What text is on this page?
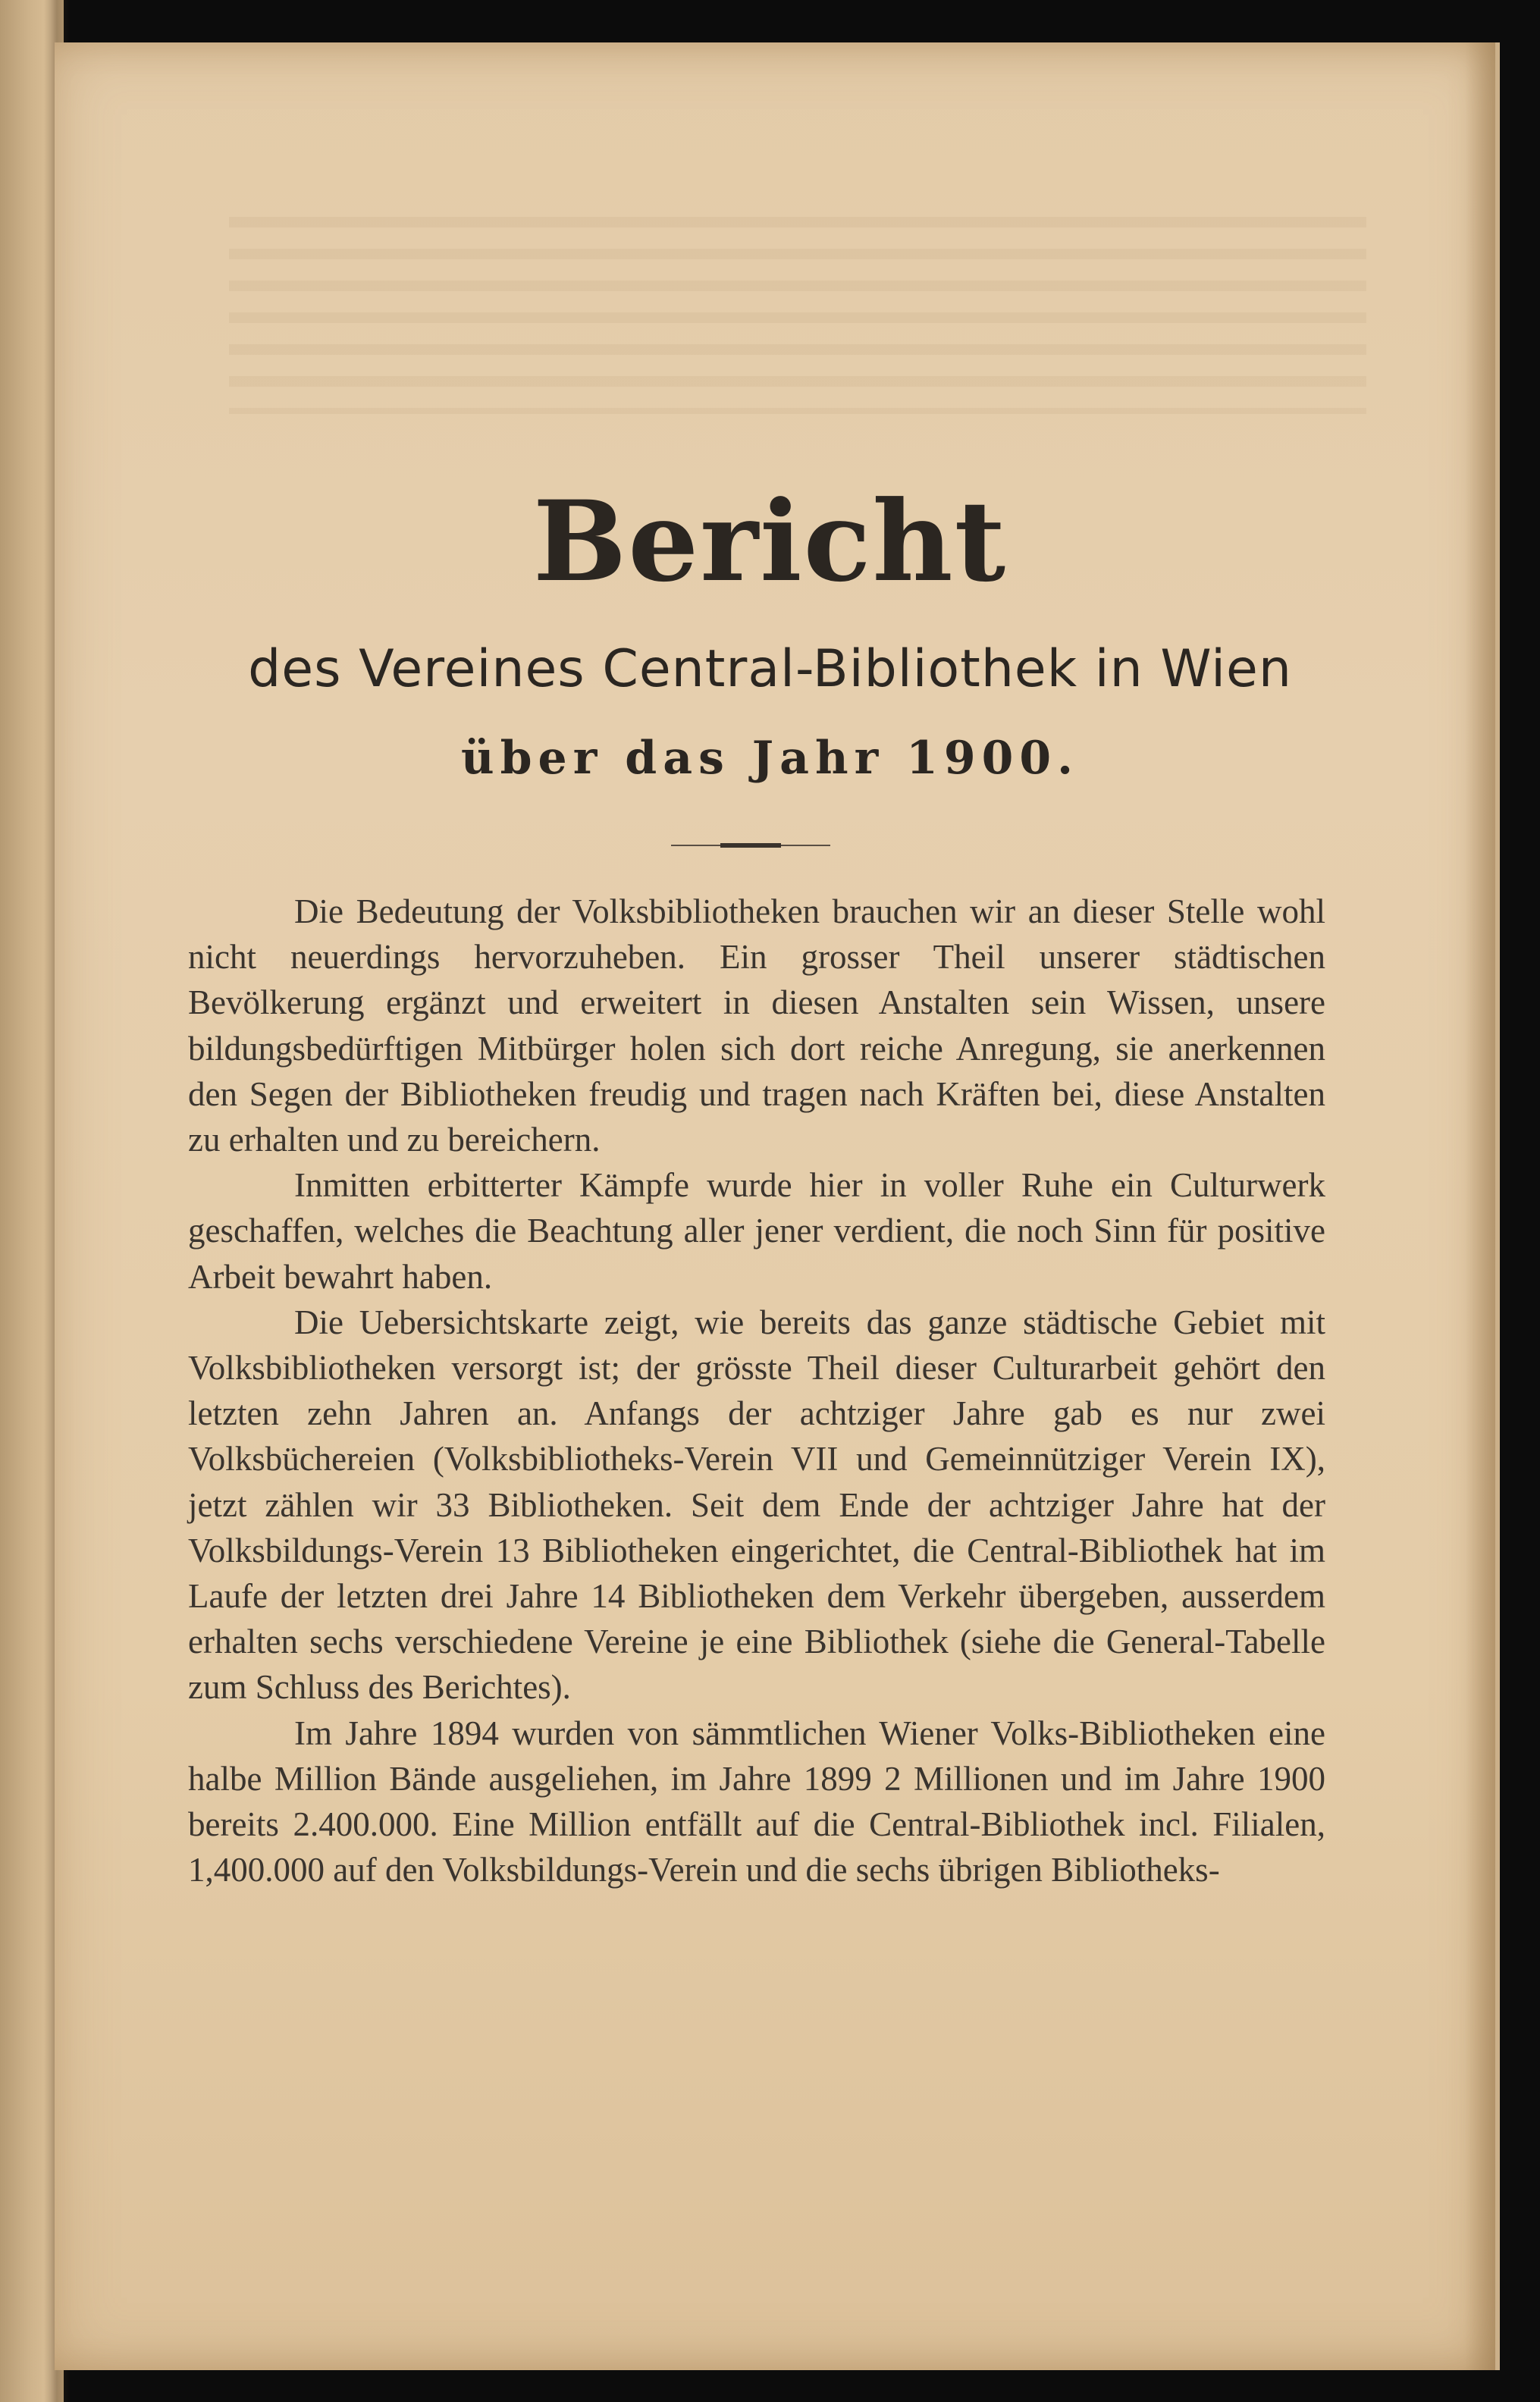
Bericht
des Vereines Central-Bibliothek in Wien
über das Jahr 1900.

Die Bedeutung der Volksbibliotheken brauchen wir an dieser Stelle wohl nicht neuerdings hervorzuheben. Ein grosser Theil unserer städtischen Bevölkerung ergänzt und erweitert in diesen Anstalten sein Wissen, unsere bildungsbedürftigen Mitbürger holen sich dort reiche Anregung, sie anerkennen den Segen der Bibliotheken freudig und tragen nach Kräften bei, diese Anstalten zu erhalten und zu bereichern.

Inmitten erbitterter Kämpfe wurde hier in voller Ruhe ein Culturwerk geschaffen, welches die Beachtung aller jener verdient, die noch Sinn für positive Arbeit bewahrt haben.

Die Uebersichtskarte zeigt, wie bereits das ganze städtische Gebiet mit Volksbibliotheken versorgt ist; der grösste Theil dieser Culturarbeit gehört den letzten zehn Jahren an. Anfangs der achtziger Jahre gab es nur zwei Volksbüchereien (Volksbibliotheks-Verein VII und Gemeinnütziger Verein IX), jetzt zählen wir 33 Bibliotheken. Seit dem Ende der achtziger Jahre hat der Volksbildungs-Verein 13 Bibliotheken eingerichtet, die Central-Bibliothek hat im Laufe der letzten drei Jahre 14 Bibliotheken dem Verkehr übergeben, ausserdem erhalten sechs verschiedene Vereine je eine Bibliothek (siehe die General-Tabelle zum Schluss des Berichtes).

Im Jahre 1894 wurden von sämmtlichen Wiener Volks-Bibliotheken eine halbe Million Bände ausgeliehen, im Jahre 1899 2 Millionen und im Jahre 1900 bereits 2.400.000. Eine Million entfällt auf die Central-Bibliothek incl. Filialen, 1,400.000 auf den Volksbildungs-Verein und die sechs übrigen Bibliotheks-
